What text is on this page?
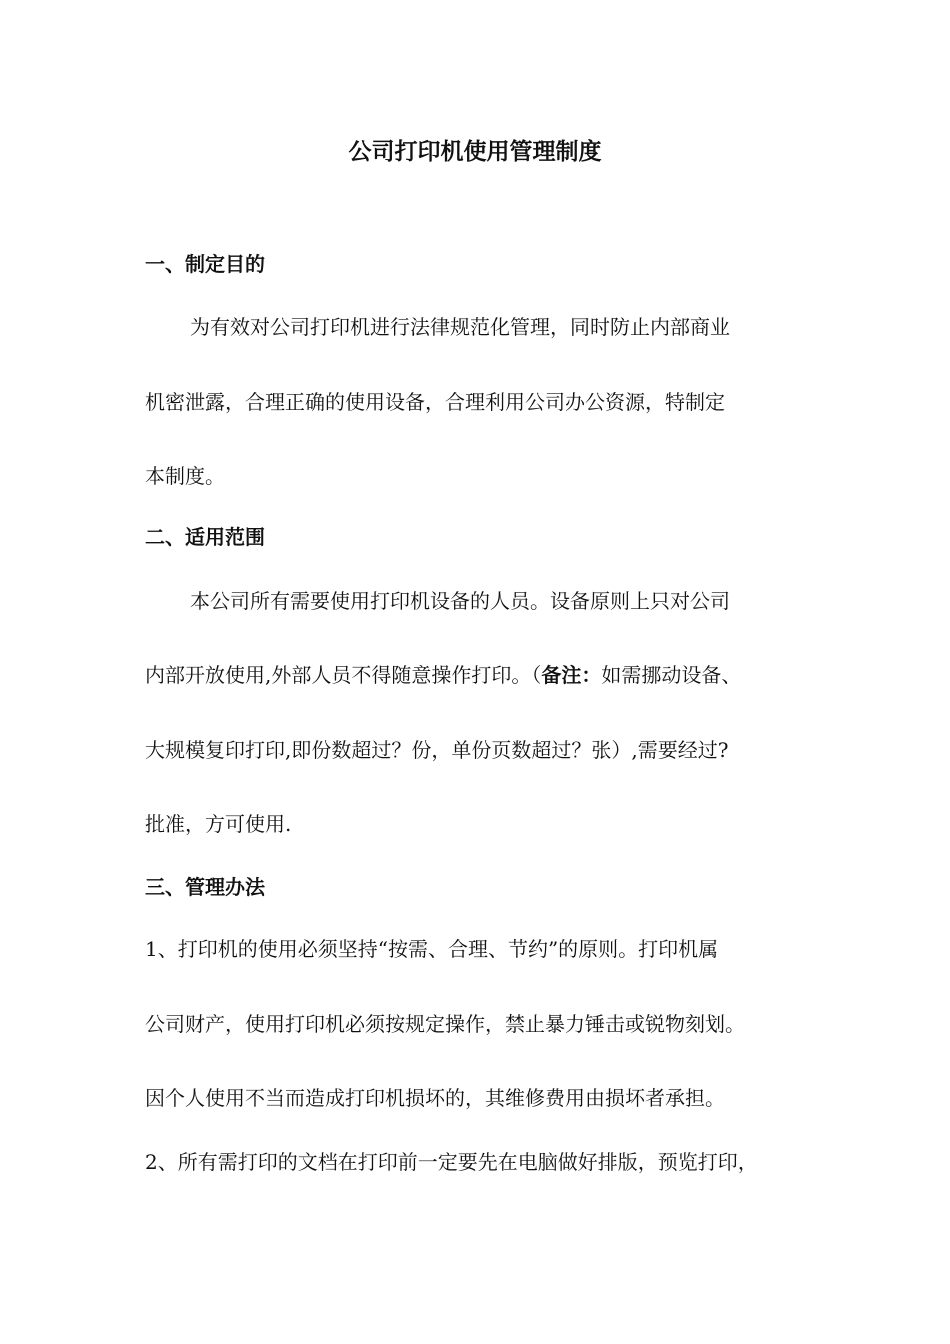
公司打印机使用管理制度
一、制定目的

为有效对公司打印机进行法律规范化管理，同时防止内部商业

机密泄露，合理正确的使用设备，合理利用公司办公资源，特制定

本制度。

二、适用范围

本公司所有需要使用打印机设备的人员。设备原则上只对公司

内部开放使用,外部人员不得随意操作打印。（备注：如需挪动设备、

大规模复印打印,即份数超过？份，单份页数超过？张）,需要经过?

批准，方可使用.

三、管理办法

1、打印机的使用必须坚持“按需、合理、节约”的原则。打印机属

公司财产，使用打印机必须按规定操作，禁止暴力锤击或锐物刻划。

因个人使用不当而造成打印机损坏的，其维修费用由损坏者承担。

2、所有需打印的文档在打印前一定要先在电脑做好排版，预览打印，
